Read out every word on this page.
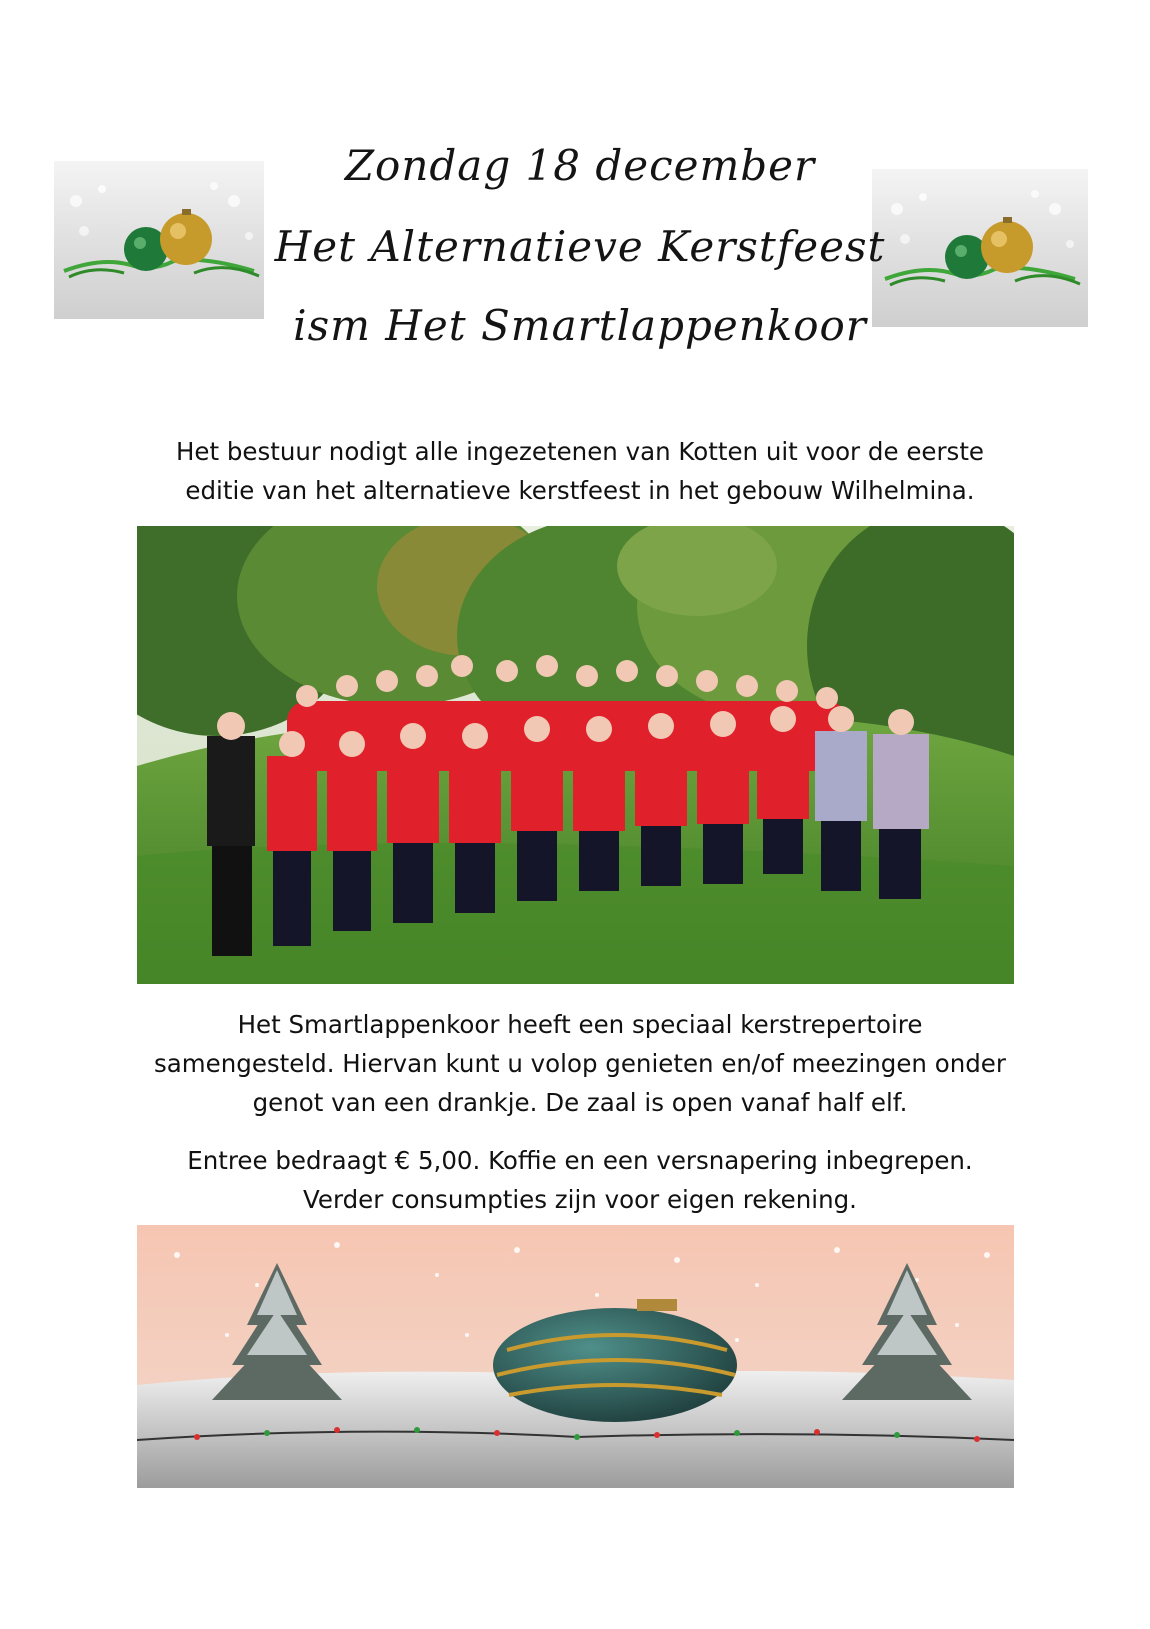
Zondag 18 december
Het Alternatieve Kerstfeest
ism Het Smartlappenkoor
Het bestuur nodigt alle ingezetenen van Kotten uit voor de eerste
editie van het alternatieve kerstfeest in het gebouw Wilhelmina.
Het Smartlappenkoor heeft een speciaal kerstrepertoire
samengesteld. Hiervan kunt u volop genieten en/of meezingen onder
genot van een drankje. De zaal is open vanaf half elf.
Entree bedraagt € 5,00. Koffie en een versnapering inbegrepen.
Verder consumpties zijn voor eigen rekening.
